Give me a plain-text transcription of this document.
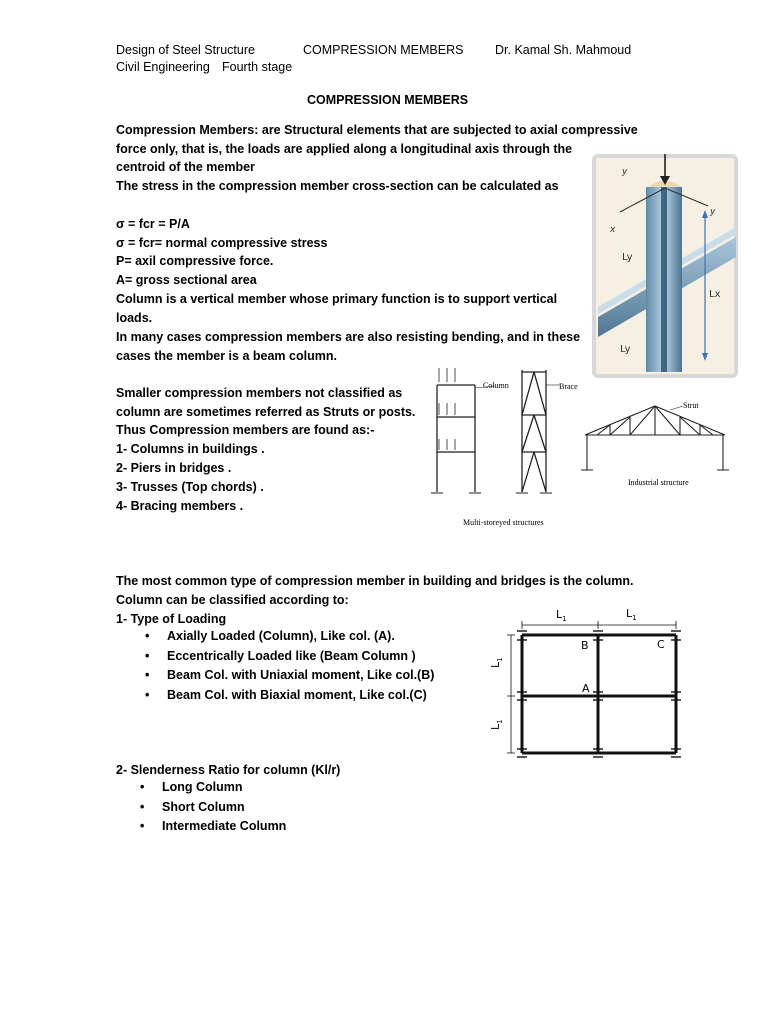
Design of Steel Structure	COMPRESSION MEMBERS	Dr. Kamal Sh. Mahmoud
Civil Engineering Fourth stage
COMPRESSION MEMBERS
Compression Members: are Structural elements that are subjected to axial compressive
force only, that is, the loads are applied along a longitudinal axis through the
centroid of the member
The stress in the compression member cross-section can be calculated as
σ = fcr = P/A
σ = fcr= normal compressive stress
P= axil compressive force.
A= gross sectional area
Column is a vertical member whose primary function is to support vertical
loads.
In many cases compression members are also resisting bending, and in these
cases the member is a beam column.
Smaller compression members not classified as
column are sometimes referred as Struts or posts.
Thus Compression members are found as:-
1- Columns in buildings .
2- Piers in bridges .
3- Trusses (Top chords) .
4- Bracing members .
The most common type of compression member in building and bridges is the column.
Column can be classified according to:
1- Type of Loading
• Axially Loaded (Column), Like col. (A).
• Eccentrically Loaded like (Beam Column )
• Beam Col. with Uniaxial moment, Like col.(B)
• Beam Col. with Biaxial moment, Like col.(C)
2- Slenderness Ratio for column (Kl/r)
• Long Column
• Short Column
• Intermediate Column
x
y
y
Ly
Lx
Ly
Column	Brace
Multi-storeyed structures
Strut
Industrial structure
$L_1$	$L_1$
$L_1$
$L_1$
B	C
A
